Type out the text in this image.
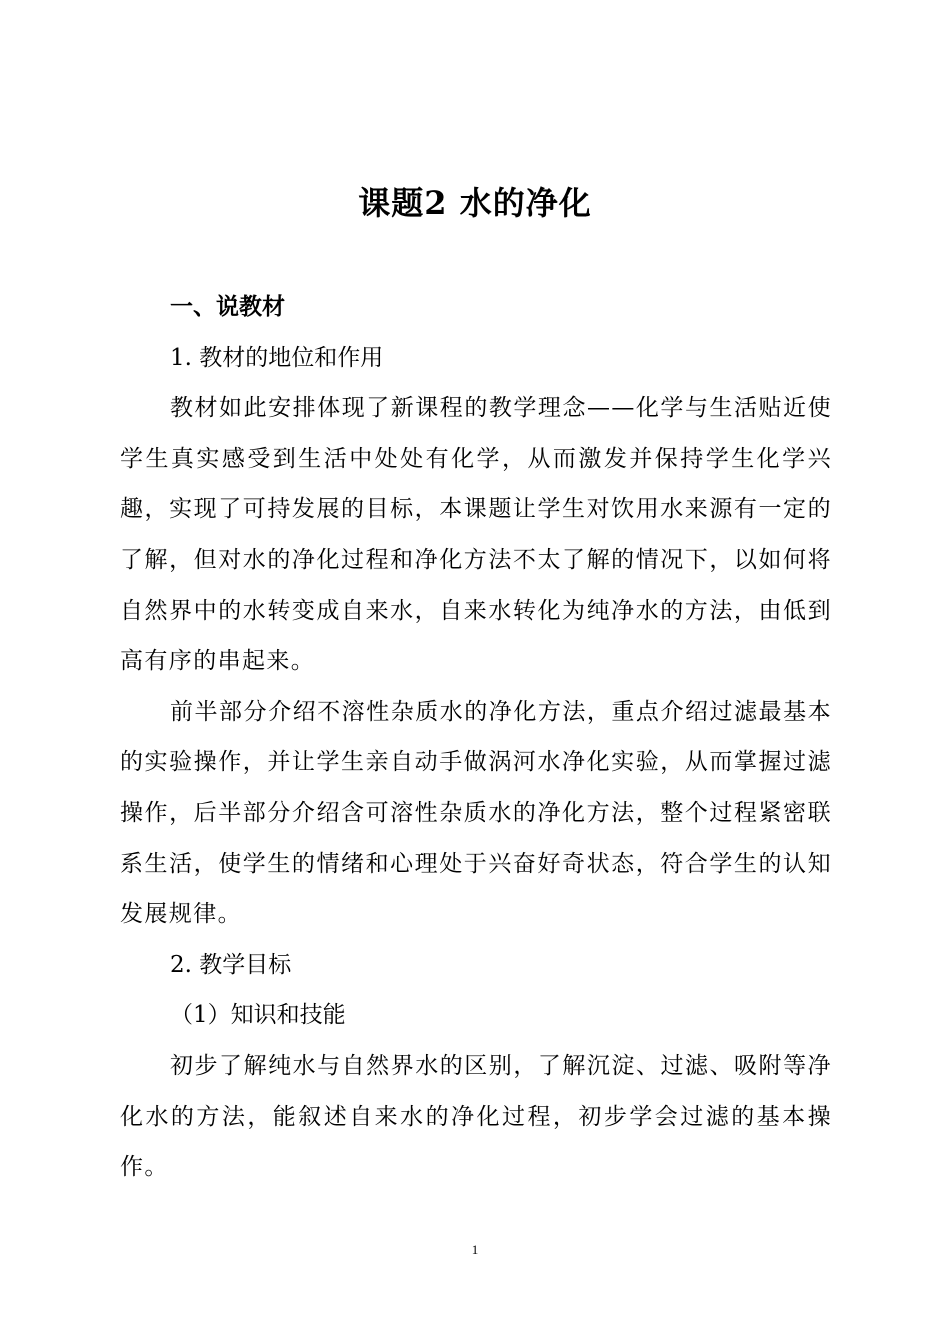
课题2 水的净化

一、说教材

1. 教材的地位和作用

教材如此安排体现了新课程的教学理念——化学与生活贴近使学生真实感受到生活中处处有化学，从而激发并保持学生化学兴趣，实现了可持发展的目标，本课题让学生对饮用水来源有一定的了解，但对水的净化过程和净化方法不太了解的情况下，以如何将自然界中的水转变成自来水，自来水转化为纯净水的方法，由低到高有序的串起来。

前半部分介绍不溶性杂质水的净化方法，重点介绍过滤最基本的实验操作，并让学生亲自动手做涡河水净化实验，从而掌握过滤操作，后半部分介绍含可溶性杂质水的净化方法，整个过程紧密联系生活，使学生的情绪和心理处于兴奋好奇状态，符合学生的认知发展规律。

2. 教学目标

（1）知识和技能

初步了解纯水与自然界水的区别，了解沉淀、过滤、吸附等净化水的方法，能叙述自来水的净化过程，初步学会过滤的基本操作。

1
